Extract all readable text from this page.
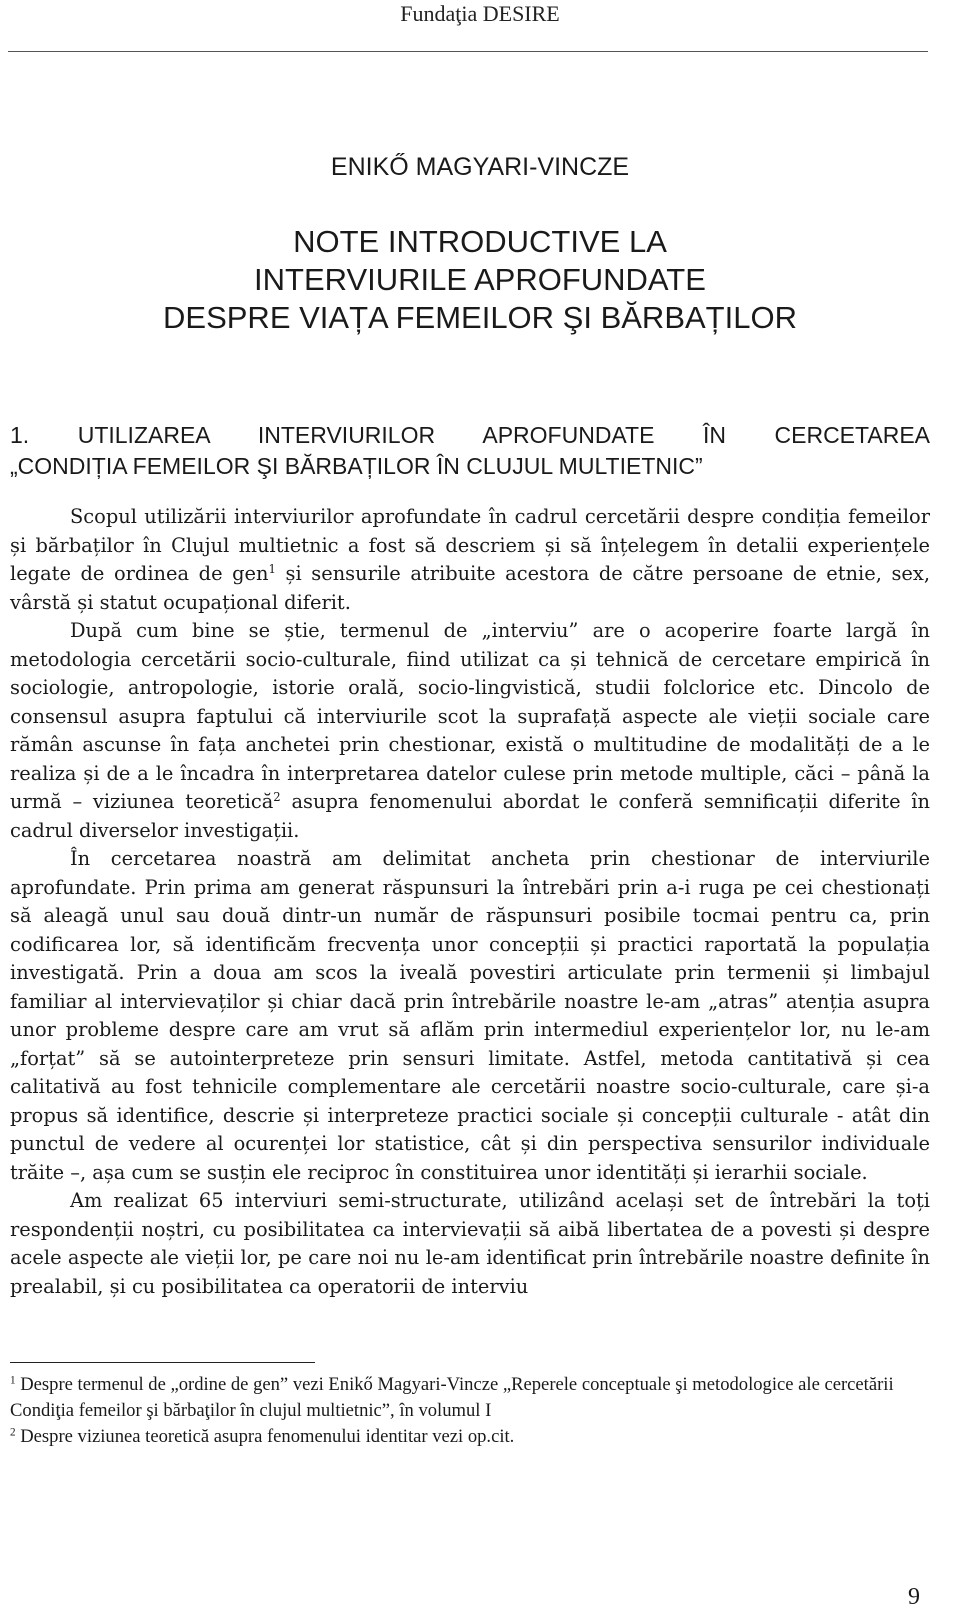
Fundaţia DESIRE
ENIKŐ MAGYARI-VINCZE
NOTE INTRODUCTIVE LA
INTERVIURILE APROFUNDATE
DESPRE VIAȚA FEMEILOR ŞI BĂRBAȚILOR
1. UTILIZAREA INTERVIURILOR APROFUNDATE ÎN CERCETAREA
„CONDIȚIA FEMEILOR ŞI BĂRBAȚILOR ÎN CLUJUL MULTIETNIC”

Scopul utilizării interviurilor aprofundate în cadrul cercetării despre condiția femeilor și bărbaților în Clujul multietnic a fost să descriem și să înțelegem în detalii experiențele legate de ordinea de gen$^1$ și sensurile atribuite acestora de către persoane de etnie, sex, vârstă și statut ocupațional diferit.

După cum bine se știe, termenul de „interviu” are o acoperire foarte largă în metodologia cercetării socio-culturale, fiind utilizat ca și tehnică de cercetare empirică în sociologie, antropologie, istorie orală, socio-lingvistică, studii folclorice etc. Dincolo de consensul asupra faptului că interviurile scot la suprafață aspecte ale vieții sociale care rămân ascunse în fața anchetei prin chestionar, există o multitudine de modalități de a le realiza și de a le încadra în interpretarea datelor culese prin metode multiple, căci – până la urmă – viziunea teoretică$^2$ asupra fenomenului abordat le conferă semnificații diferite în cadrul diverselor investigații.

În cercetarea noastră am delimitat ancheta prin chestionar de interviurile aprofundate. Prin prima am generat răspunsuri la întrebări prin a-i ruga pe cei chestionați să aleagă unul sau două dintr-un număr de răspunsuri posibile tocmai pentru ca, prin codificarea lor, să identificăm frecvența unor concepții și practici raportată la populația investigată. Prin a doua am scos la iveală povestiri articulate prin termenii și limbajul familiar al intervievaților și chiar dacă prin întrebările noastre le-am „atras” atenția asupra unor probleme despre care am vrut să aflăm prin intermediul experiențelor lor, nu le-am „forțat” să se autointerpreteze prin sensuri limitate. Astfel, metoda cantitativă și cea calitativă au fost tehnicile complementare ale cercetării noastre socio-culturale, care și-a propus să identifice, descrie și interpreteze practici sociale și concepții culturale - atât din punctul de vedere al ocurenței lor statistice, cât și din perspectiva sensurilor individuale trăite –, așa cum se susțin ele reciproc în constituirea unor identități și ierarhii sociale.

Am realizat 65 interviuri semi-structurate, utilizând același set de întrebări la toți respondenții noștri, cu posibilitatea ca intervievații să aibă libertatea de a povesti și despre acele aspecte ale vieții lor, pe care noi nu le-am identificat prin întrebările noastre definite în prealabil, și cu posibilitatea ca operatorii de interviu

$^1$ Despre termenul de „ordine de gen” vezi Enikő Magyari-Vincze „Reperele conceptuale şi metodologice ale cercetării Condiţia femeilor şi bărbaţilor în clujul multietnic”, în volumul I

$^2$ Despre viziunea teoretică asupra fenomenului identitar vezi op.cit.

9
